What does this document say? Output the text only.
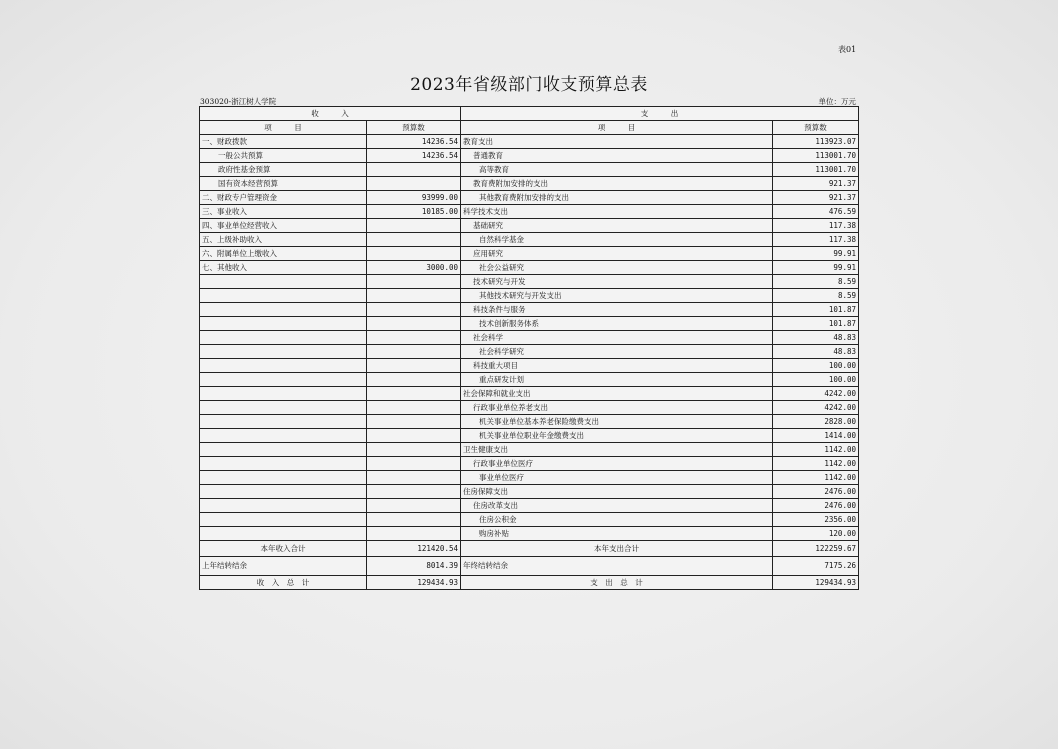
表01
2023年省级部门收支预算总表
303020-浙江树人学院	单位：万元
收　　　入		支　　　出	
项　　　目	预算数	项　　　目	预算数
一、财政拨款	14236.54	教育支出	113923.07
一般公共预算	14236.54	普通教育	113001.70
政府性基金预算		高等教育	113001.70
国有资本经营预算		教育费附加安排的支出	921.37
二、财政专户管理资金	93999.00	其他教育费附加安排的支出	921.37
三、事业收入	10185.00	科学技术支出	476.59
四、事业单位经营收入		基础研究	117.38
五、上级补助收入		自然科学基金	117.38
六、附属单位上缴收入		应用研究	99.91
七、其他收入	3000.00	社会公益研究	99.91
		技术研究与开发	8.59
		其他技术研究与开发支出	8.59
		科技条件与服务	101.87
		技术创新服务体系	101.87
		社会科学	48.83
		社会科学研究	48.83
		科技重大项目	100.00
		重点研发计划	100.00
		社会保障和就业支出	4242.00
		行政事业单位养老支出	4242.00
		机关事业单位基本养老保险缴费支出	2828.00
		机关事业单位职业年金缴费支出	1414.00
		卫生健康支出	1142.00
		行政事业单位医疗	1142.00
		事业单位医疗	1142.00
		住房保障支出	2476.00
		住房改革支出	2476.00
		住房公积金	2356.00
		购房补贴	120.00
本年收入合计	121420.54	本年支出合计	122259.67
上年结转结余	8014.39	年终结转结余	7175.26
收　入　总　计	129434.93	支　出　总　计	129434.93
